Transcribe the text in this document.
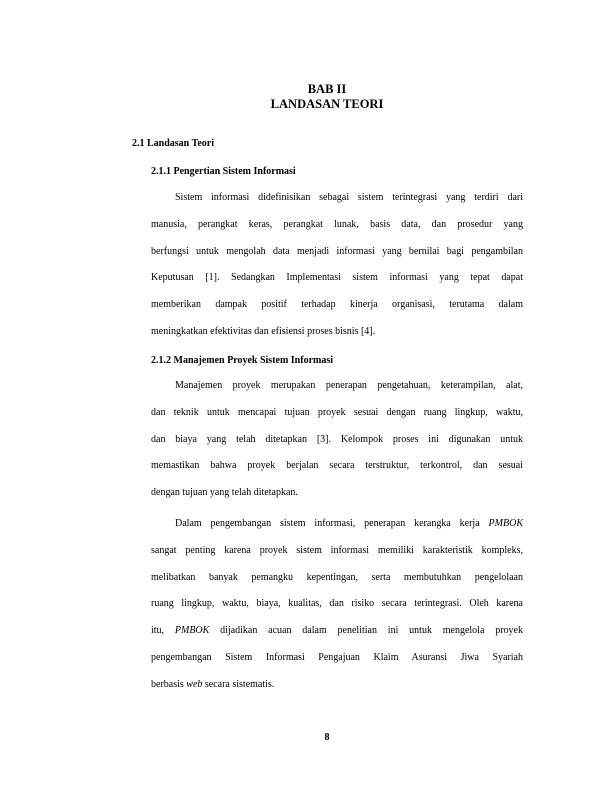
BAB II
LANDASAN TEORI
2.1 Landasan Teori
2.1.1 Pengertian Sistem Informasi
Sistem informasi didefinisikan sebagai sistem terintegrasi yang terdiri dari
manusia, perangkat keras, perangkat lunak, basis data, dan prosedur yang
berfungsi untuk mengolah data menjadi informasi yang bernilai bagi pengambilan
Keputusan [1]. Sedangkan Implementasi sistem informasi yang tepat dapat
memberikan dampak positif terhadap kinerja organisasi, terutama dalam
meningkatkan efektivitas dan efisiensi proses bisnis [4].
2.1.2 Manajemen Proyek Sistem Informasi
Manajemen proyek merupakan penerapan pengetahuan, keterampilan, alat,
dan teknik untuk mencapai tujuan proyek sesuai dengan ruang lingkup, waktu,
dan biaya yang telah ditetapkan [3]. Kelompok proses ini digunakan untuk
memastikan bahwa proyek berjalan secara terstruktur, terkontrol, dan sesuai
dengan tujuan yang telah ditetapkan.
Dalam pengembangan sistem informasi, penerapan kerangka kerja PMBOK
sangat penting karena proyek sistem informasi memiliki karakteristik kompleks,
melibatkan banyak pemangku kepentingan, serta membutuhkan pengelolaan
ruang lingkup, waktu, biaya, kualitas, dan risiko secara terintegrasi. Oleh karena
itu, PMBOK dijadikan acuan dalam penelitian ini untuk mengelola proyek
pengembangan Sistem Informasi Pengajuan Klaim Asuransi Jiwa Syariah
berbasis web secara sistematis.
8
